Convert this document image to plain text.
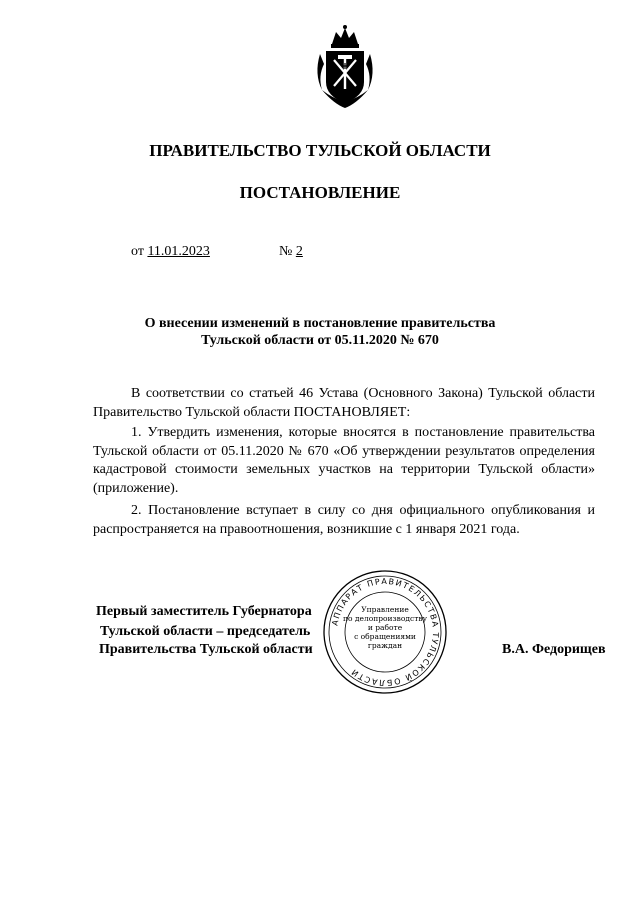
ПРАВИТЕЛЬСТВО ТУЛЬСКОЙ ОБЛАСТИ
ПОСТАНОВЛЕНИЕ
от 11.01.2023	№ 2
О внесении изменений в постановление правительства
Тульской области от 05.11.2020 № 670

В соответствии со статьей 46 Устава (Основного Закона) Тульской области Правительство Тульской области ПОСТАНОВЛЯЕТ:

1. Утвердить изменения, которые вносятся в постановление правительства Тульской области от 05.11.2020 № 670 «Об утверждении результатов определения кадастровой стоимости земельных участков на территории Тульской области» (приложение).

2. Постановление вступает в силу со дня официального опубликования и распространяется на правоотношения, возникшие с 1 января 2021 года.

Первый заместитель Губернатора
Тульской области – председатель
Правительства Тульской области	В.А. Федорищев
АППАРАТ ПРАВИТЕЛЬСТВА ТУЛЬСКОЙ ОБЛАСТИ
Управление
по делопроизводству
и работе
с обращениями
граждан
